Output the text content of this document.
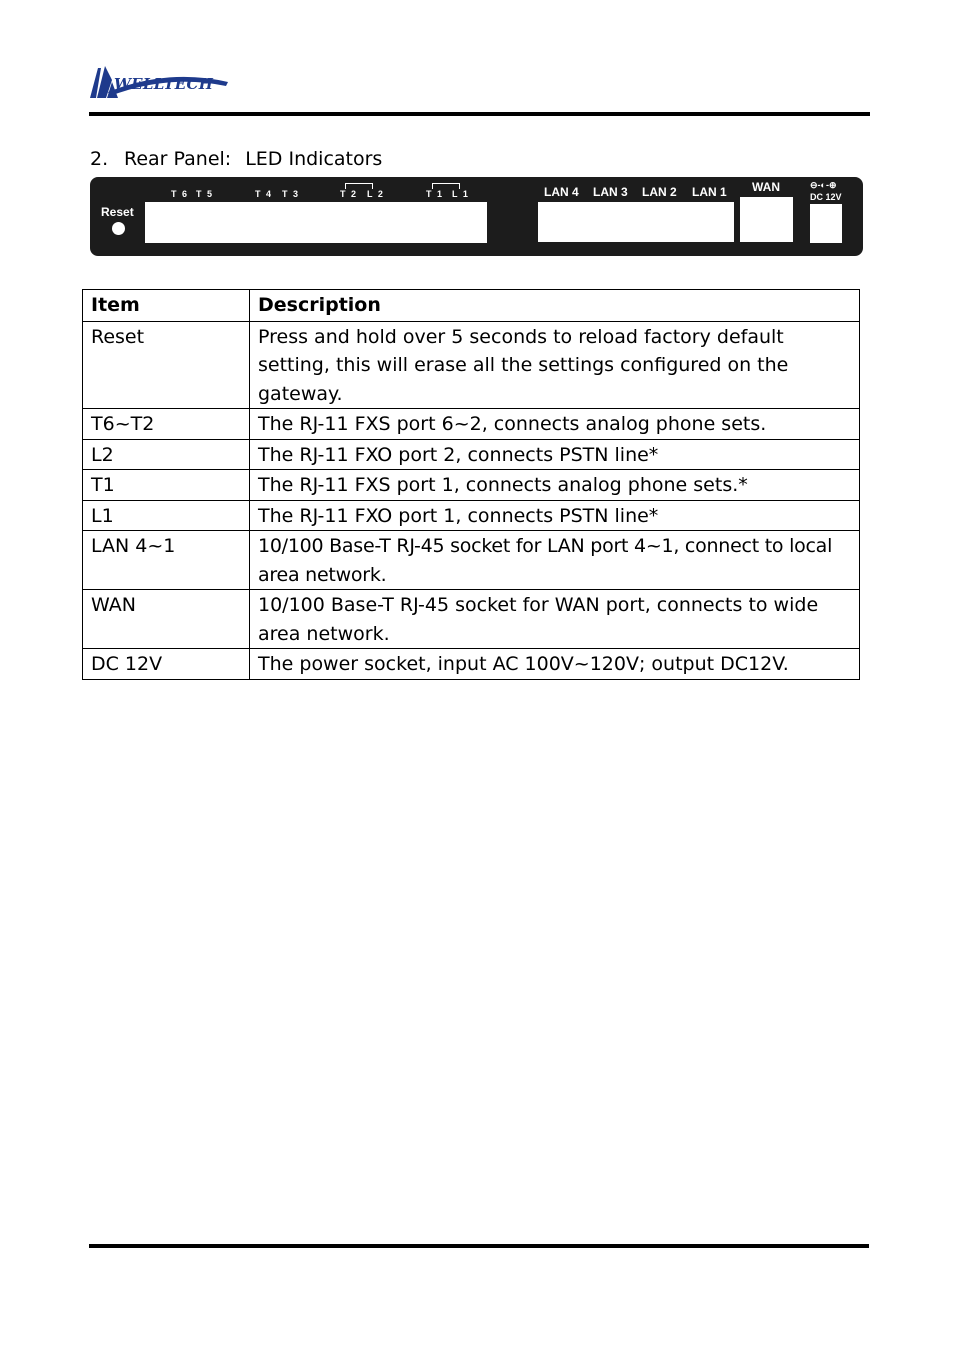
WELLTECH
2. Rear Panel: LED Indicators
Reset
T 6 T 5	T 4 T 3	T 2 L 2	T 1 L 1	LAN 4 LAN 3 LAN 2 LAN 1 WAN	⊖-◐-⊕
DC 12V
Item	Description
Reset	Press and hold over 5 seconds to reload factory default setting, this will erase all the settings configured on the gateway.
T6~T2	The RJ-11 FXS port 6~2, connects analog phone sets.
L2	The RJ-11 FXO port 2, connects PSTN line*
T1	The RJ-11 FXS port 1, connects analog phone sets.*
L1	The RJ-11 FXO port 1, connects PSTN line*
LAN 4~1	10/100 Base-T RJ-45 socket for LAN port 4~1, connect to local area network.
WAN	10/100 Base-T RJ-45 socket for WAN port, connects to wide area network.
DC 12V	The power socket, input AC 100V~120V; output DC12V.
